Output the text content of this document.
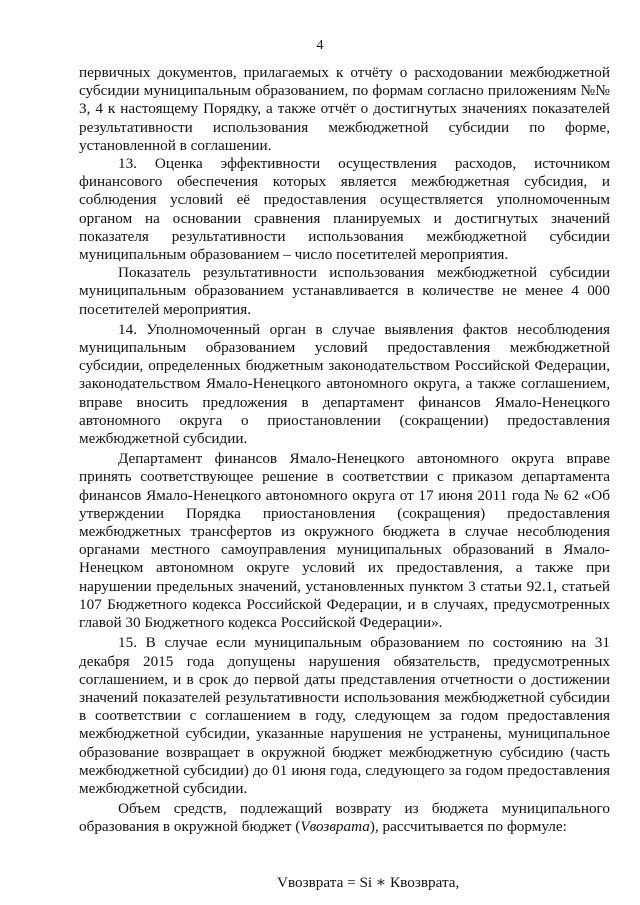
4

первичных документов, прилагаемых к отчёту о расходовании межбюджетной субсидии муниципальным образованием, по формам согласно приложениям №№ 3, 4 к настоящему Порядку, а также отчёт о достигнутых значениях показателей результативности использования межбюджетной субсидии по форме, установленной в соглашении.

13. Оценка эффективности осуществления расходов, источником финансового обеспечения которых является межбюджетная субсидия, и соблюдения условий её предоставления осуществляется уполномоченным органом на основании сравнения планируемых и достигнутых значений показателя результативности использования межбюджетной субсидии муниципальным образованием – число посетителей мероприятия.

Показатель результативности использования межбюджетной субсидии муниципальным образованием устанавливается в количестве не менее 4 000 посетителей мероприятия.

14. Уполномоченный орган в случае выявления фактов несоблюдения муниципальным образованием условий предоставления межбюджетной субсидии, определенных бюджетным законодательством Российской Федерации, законодательством Ямало-Ненецкого автономного округа, а также соглашением, вправе вносить предложения в департамент финансов Ямало-Ненецкого автономного округа о приостановлении (сокращении) предоставления межбюджетной субсидии.

Департамент финансов Ямало-Ненецкого автономного округа вправе принять соответствующее решение в соответствии с приказом департамента финансов Ямало-Ненецкого автономного округа от 17 июня 2011 года № 62 «Об утверждении Порядка приостановления (сокращения) предоставления межбюджетных трансфертов из окружного бюджета в случае несоблюдения органами местного самоуправления муниципальных образований в Ямало-Ненецком автономном округе условий их предоставления, а также при нарушении предельных значений, установленных пунктом 3 статьи 92.1, статьей 107 Бюджетного кодекса Российской Федерации, и в случаях, предусмотренных главой 30 Бюджетного кодекса Российской Федерации».

15. В случае если муниципальным образованием по состоянию на 31 декабря 2015 года допущены нарушения обязательств, предусмотренных соглашением, и в срок до первой даты представления отчетности о достижении значений показателей результативности использования межбюджетной субсидии в соответствии с соглашением в году, следующем за годом предоставления межбюджетной субсидии, указанные нарушения не устранены, муниципальное образование возвращает в окружной бюджет межбюджетную субсидию (часть межбюджетной субсидии) до 01 июня года, следующего за годом предоставления межбюджетной субсидии.

Объем средств, подлежащий возврату из бюджета муниципального образования в окружной бюджет (Vвозврата), рассчитывается по формуле:

Vвозврата = Si ∗ Квозврата,
